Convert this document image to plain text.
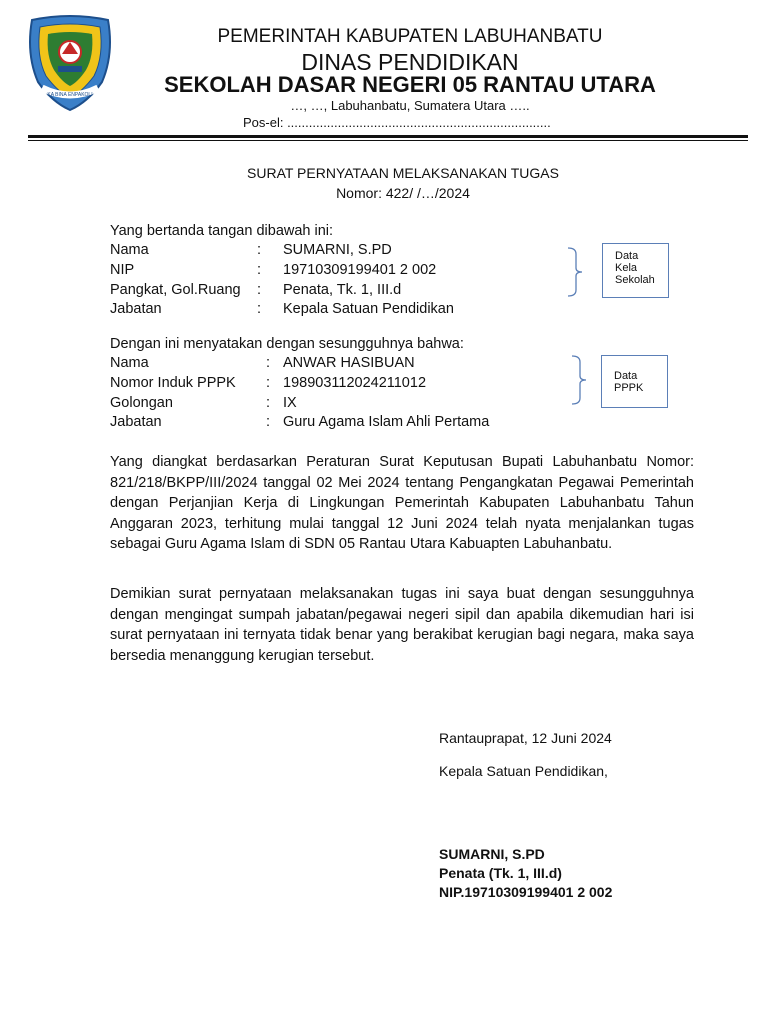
KA BINA ENPAKOLI
PEMERINTAH KABUPATEN LABUHANBATU
DINAS PENDIDIKAN
SEKOLAH DASAR NEGERI 05 RANTAU UTARA
…, …, Labuhanbatu, Sumatera Utara …..
Pos-el: .........................................................................
SURAT PERNYATAAN MELAKSANAKAN TUGAS
Nomor: 422/ /…/2024
Yang bertanda tangan dibawah ini:
Nama	: SUMARNI, S.PD
NIP	: 19710309199401 2 002
Pangkat, Gol.Ruang : Penata, Tk. 1, III.d
Jabatan	: Kepala Satuan Pendidikan
Data
Kela
Sekolah
Dengan ini menyatakan dengan sesungguhnya bahwa:
Nama	: ANWAR HASIBUAN
Nomor Induk PPPK : 198903112024211012
Golongan	: IX
Jabatan	: Guru Agama Islam Ahli Pertama
Data
PPPK
Yang diangkat berdasarkan Peraturan Surat Keputusan Bupati Labuhanbatu Nomor: 821/218/BKPP/III/2024 tanggal 02 Mei 2024 tentang Pengangkatan Pegawai Pemerintah dengan Perjanjian Kerja di Lingkungan Pemerintah Kabupaten Labuhanbatu Tahun Anggaran 2023, terhitung mulai tanggal 12 Juni 2024 telah nyata menjalankan tugas sebagai Guru Agama Islam di SDN 05 Rantau Utara Kabuapten Labuhanbatu.
Demikian surat pernyataan melaksanakan tugas ini saya buat dengan sesungguhnya dengan mengingat sumpah jabatan/pegawai negeri sipil dan apabila dikemudian hari isi surat pernyataan ini ternyata tidak benar yang berakibat kerugian bagi negara, maka saya bersedia menanggung kerugian tersebut.
Rantauprapat, 12 Juni 2024
Kepala Satuan Pendidikan,
SUMARNI, S.PD
Penata (Tk. 1, III.d)
NIP.19710309199401 2 002
